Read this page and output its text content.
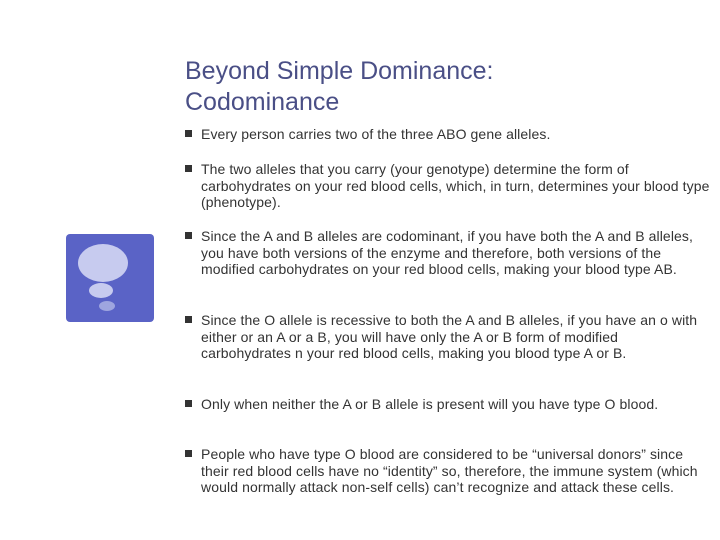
Beyond Simple Dominance:
Codominance
Every person carries two of the three ABO gene alleles.
The two alleles that you carry (your genotype) determine the form of carbohydrates on your red blood cells, which, in turn, determines your blood type (phenotype).
Since the A and B alleles are codominant, if you have both the A and B alleles, you have both versions of the enzyme and therefore, both versions of the modified carbohydrates on your red blood cells, making your blood type AB.
Since the O allele is recessive to both the A and B alleles, if you have an o with either or an A or a B, you will have only the A or B form of modified carbohydrates n your red blood cells, making you blood type A or B.
Only when neither the A or B allele is present will you have type O blood.
People who have type O blood are considered to be “universal donors” since their red blood cells have no “identity” so, therefore, the immune system (which would normally attack non-self cells) can’t recognize and attack these cells.
